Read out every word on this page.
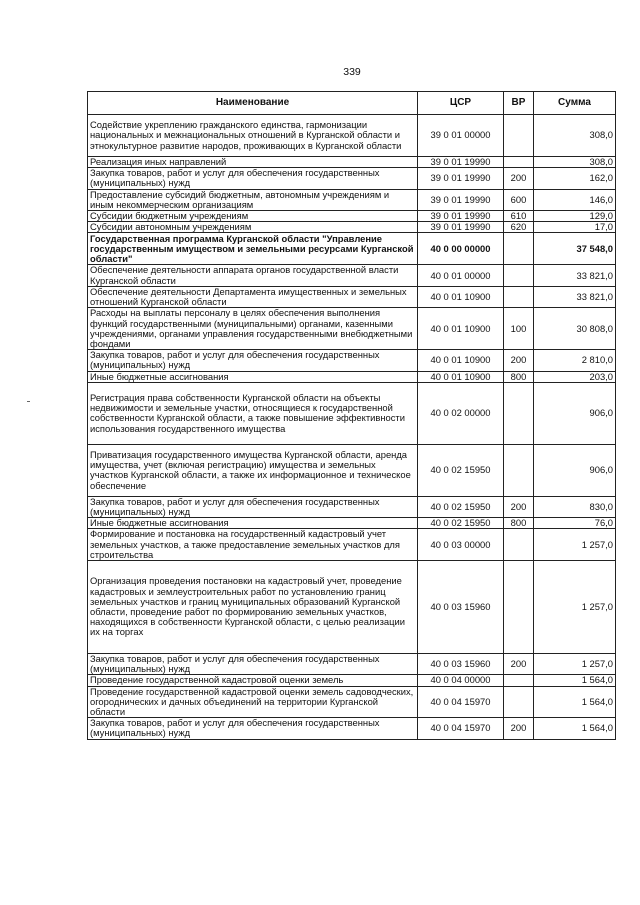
339
Наименование	ЦСР	ВР	Сумма
Содействие укреплению гражданского единства, гармонизации национальных и межнациональных отношений в Курганской области и этнокультурное развитие народов, проживающих в Курганской области	39 0 01 00000		308,0
Реализация иных направлений	39 0 01 19990		308,0
Закупка товаров, работ и услуг для обеспечения государственных (муниципальных) нужд	39 0 01 19990	200	162,0
Предоставление субсидий бюджетным, автономным учреждениям и иным некоммерческим организациям	39 0 01 19990	600	146,0
Субсидии бюджетным учреждениям	39 0 01 19990	610	129,0
Субсидии автономным учреждениям	39 0 01 19990	620	17,0
Государственная программа Курганской области "Управление государственным имуществом и земельными ресурсами Курганской области"	40 0 00 00000		37 548,0
Обеспечение деятельности аппарата органов государственной власти Курганской области	40 0 01 00000		33 821,0
Обеспечение деятельности Департамента имущественных и земельных отношений Курганской области	40 0 01 10900		33 821,0
Расходы на выплаты персоналу в целях обеспечения выполнения функций государственными (муниципальными) органами, казенными учреждениями, органами управления государственными внебюджетными фондами	40 0 01 10900	100	30 808,0
Закупка товаров, работ и услуг для обеспечения государственных (муниципальных) нужд	40 0 01 10900	200	2 810,0
Иные бюджетные ассигнования	40 0 01 10900	800	203,0
Регистрация права собственности Курганской области на объекты недвижимости и земельные участки, относящиеся к государственной собственности Курганской области, а также повышение эффективности использования государственного имущества	40 0 02 00000		906,0
Приватизация государственного имущества Курганской области, аренда имущества, учет (включая регистрацию) имущества и земельных участков Курганской области, а также их информационное и техническое обеспечение	40 0 02 15950		906,0
Закупка товаров, работ и услуг для обеспечения государственных (муниципальных) нужд	40 0 02 15950	200	830,0
Иные бюджетные ассигнования	40 0 02 15950	800	76,0
Формирование и постановка на государственный кадастровый учет земельных участков, а также предоставление земельных участков для строительства	40 0 03 00000		1 257,0
Организация проведения постановки на кадастровый учет, проведение кадастровых и землеустроительных работ по установлению границ земельных участков и границ муниципальных образований Курганской области, проведение работ по формированию земельных участков, находящихся в собственности Курганской области, с целью реализации их на торгах	40 0 03 15960		1 257,0
Закупка товаров, работ и услуг для обеспечения государственных (муниципальных) нужд	40 0 03 15960	200	1 257,0
Проведение государственной кадастровой оценки земель	40 0 04 00000		1 564,0
Проведение государственной кадастровой оценки земель садоводческих, огороднических и дачных объединений на территории Курганской области	40 0 04 15970		1 564,0
Закупка товаров, работ и услуг для обеспечения государственных (муниципальных) нужд	40 0 04 15970	200	1 564,0
